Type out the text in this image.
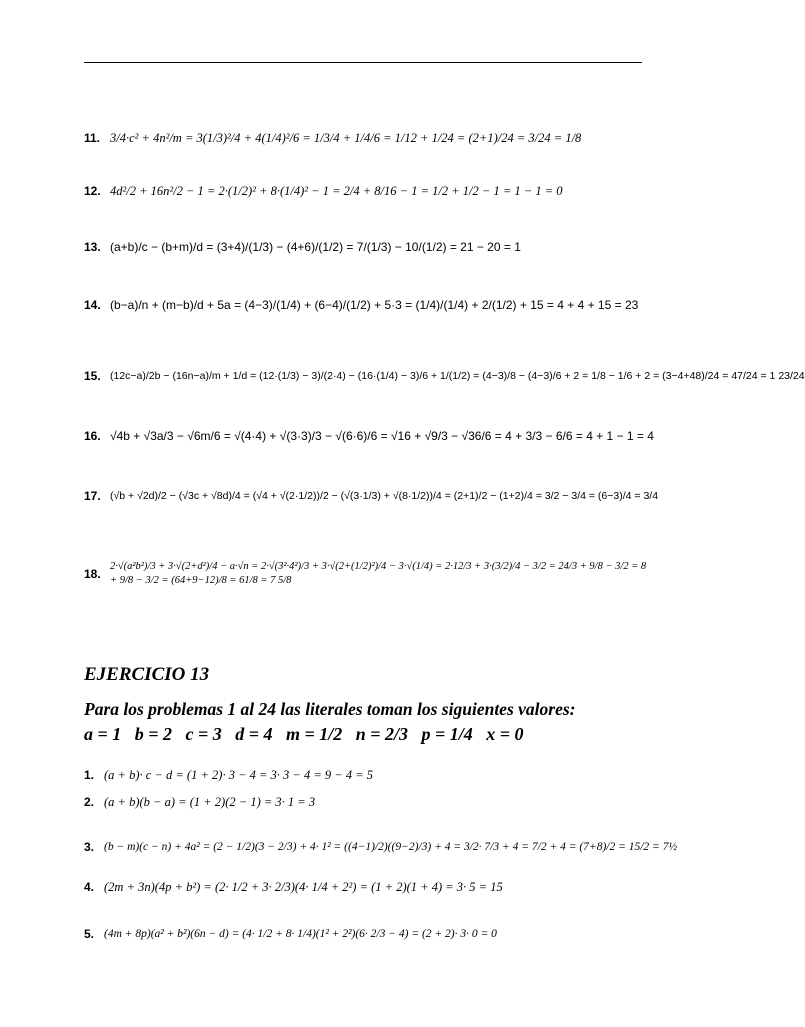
11. 3/4·c² + 4n²/m = 3(1/3)²/4 + 4(1/4)²/6 = 1/3/4 + 1/4/6 = 1/12 + 1/24 = (2+1)/24 = 3/24 = 1/8
12. 4d²/2 + 16n²/2 − 1 = 2·(1/2)² + 8·(1/4)² − 1 = 2/4 + 8/16 − 1 = 1/2 + 1/2 − 1 = 1 − 1 = 0
13. (a+b)/c − (b+m)/d = (3+4)/(1/3) − (4+6)/(1/2) = 7/(1/3) − 10/(1/2) = 21 − 20 = 1
14. (b−a)/n + (m−b)/d + 5a = (4−3)/(1/4) + (6−4)/(1/2) + 5·3 = (1/4)/(1/4) + 2/(1/2) + 15 = 4 + 4 + 15 = 23
15. (12c−a)/2b − (16n−a)/m + 1/d = (12·(1/3) − 3)/(2·4) − (16·(1/4) − 3)/6 + 1/(1/2) = (4−3)/8 − (4−3)/6 + 2 = 1/8 − 1/6 + 2 = (3−4+48)/24 = 47/24 = 1 23/24
16. √4b + √3a/3 − √6m/6 = √(4·4) + √(3·3)/3 − √(6·6)/6 = √16 + √9/3 − √36/6 = 4 + 3/3 − 6/6 = 4 + 1 − 1 = 4
17. (√b + √2d)/2 − (√3c + √8d)/4 = (√4 + √(2·1/2))/2 − (√(3·1/3) + √(8·1/2))/4 = (2+1)/2 − (1+2)/4 = 3/2 − 3/4 = (6−3)/4 = 3/4
18.
2·√(a²b²)/3 + 3·√(2+d²)/4 − a·√n = 2·√(3²·4²)/3 + 3·√(2+(1/2)²)/4 − 3·√(1/4) = 2·12/3 + 3·(3/2)/4 − 3/2 = 24/3 + 9/8 − 3/2 = 8 + 9/8 − 3/2 = (64+9−12)/8 = 61/8 = 7 5/8
EJERCICIO 13
Para los problemas 1 al 24 las literales toman los siguientes valores:
a = 1   b = 2   c = 3   d = 4   m = 1/2   n = 2/3   p = 1/4   x = 0
1. (a + b)· c − d = (1 + 2)· 3 − 4 = 3· 3 − 4 = 9 − 4 = 5
2. (a + b)(b − a) = (1 + 2)(2 − 1) = 3· 1 = 3
3. (b − m)(c − n) + 4a² = (2 − 1/2)(3 − 2/3) + 4· 1² = ((4−1)/2)((9−2)/3) + 4 = 3/2· 7/3 + 4 = 7/2 + 4 = (7+8)/2 = 15/2 = 7½
4. (2m + 3n)(4p + b²) = (2· 1/2 + 3· 2/3)(4· 1/4 + 2²) = (1 + 2)(1 + 4) = 3· 5 = 15
5. (4m + 8p)(a² + b²)(6n − d) = (4· 1/2 + 8· 1/4)(1² + 2²)(6· 2/3 − 4) = (2 + 2)· 3· 0 = 0
